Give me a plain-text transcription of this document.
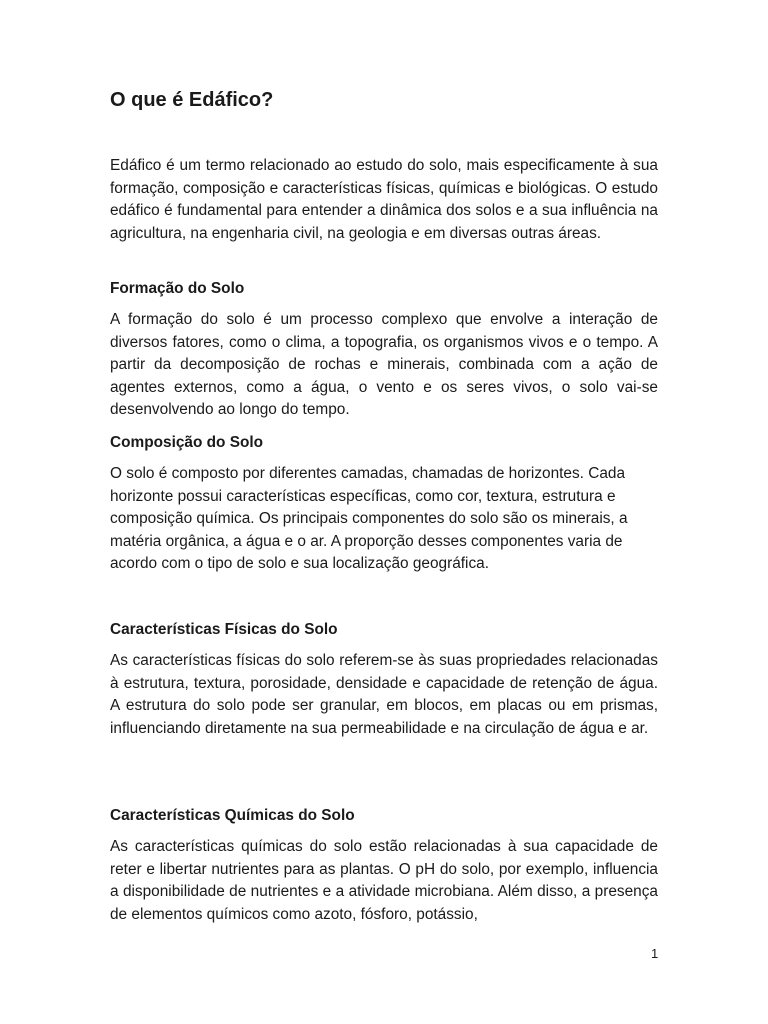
O que é Edáfico?

Edáfico é um termo relacionado ao estudo do solo, mais especificamente à sua formação, composição e características físicas, químicas e biológicas. O estudo edáfico é fundamental para entender a dinâmica dos solos e a sua influência na agricultura, na engenharia civil, na geologia e em diversas outras áreas.

Formação do Solo

A formação do solo é um processo complexo que envolve a interação de diversos fatores, como o clima, a topografia, os organismos vivos e o tempo. A partir da decomposição de rochas e minerais, combinada com a ação de agentes externos, como a água, o vento e os seres vivos, o solo vai-se desenvolvendo ao longo do tempo.

Composição do Solo

O solo é composto por diferentes camadas, chamadas de horizontes. Cada horizonte possui características específicas, como cor, textura, estrutura e composição química. Os principais componentes do solo são os minerais, a matéria orgânica, a água e o ar. A proporção desses componentes varia de acordo com o tipo de solo e sua localização geográfica.

Características Físicas do Solo

As características físicas do solo referem-se às suas propriedades relacionadas à estrutura, textura, porosidade, densidade e capacidade de retenção de água. A estrutura do solo pode ser granular, em blocos, em placas ou em prismas, influenciando diretamente na sua permeabilidade e na circulação de água e ar.

Características Químicas do Solo

As características químicas do solo estão relacionadas à sua capacidade de reter e libertar nutrientes para as plantas. O pH do solo, por exemplo, influencia a disponibilidade de nutrientes e a atividade microbiana. Além disso, a presença de elementos químicos como azoto, fósforo, potássio,

1
